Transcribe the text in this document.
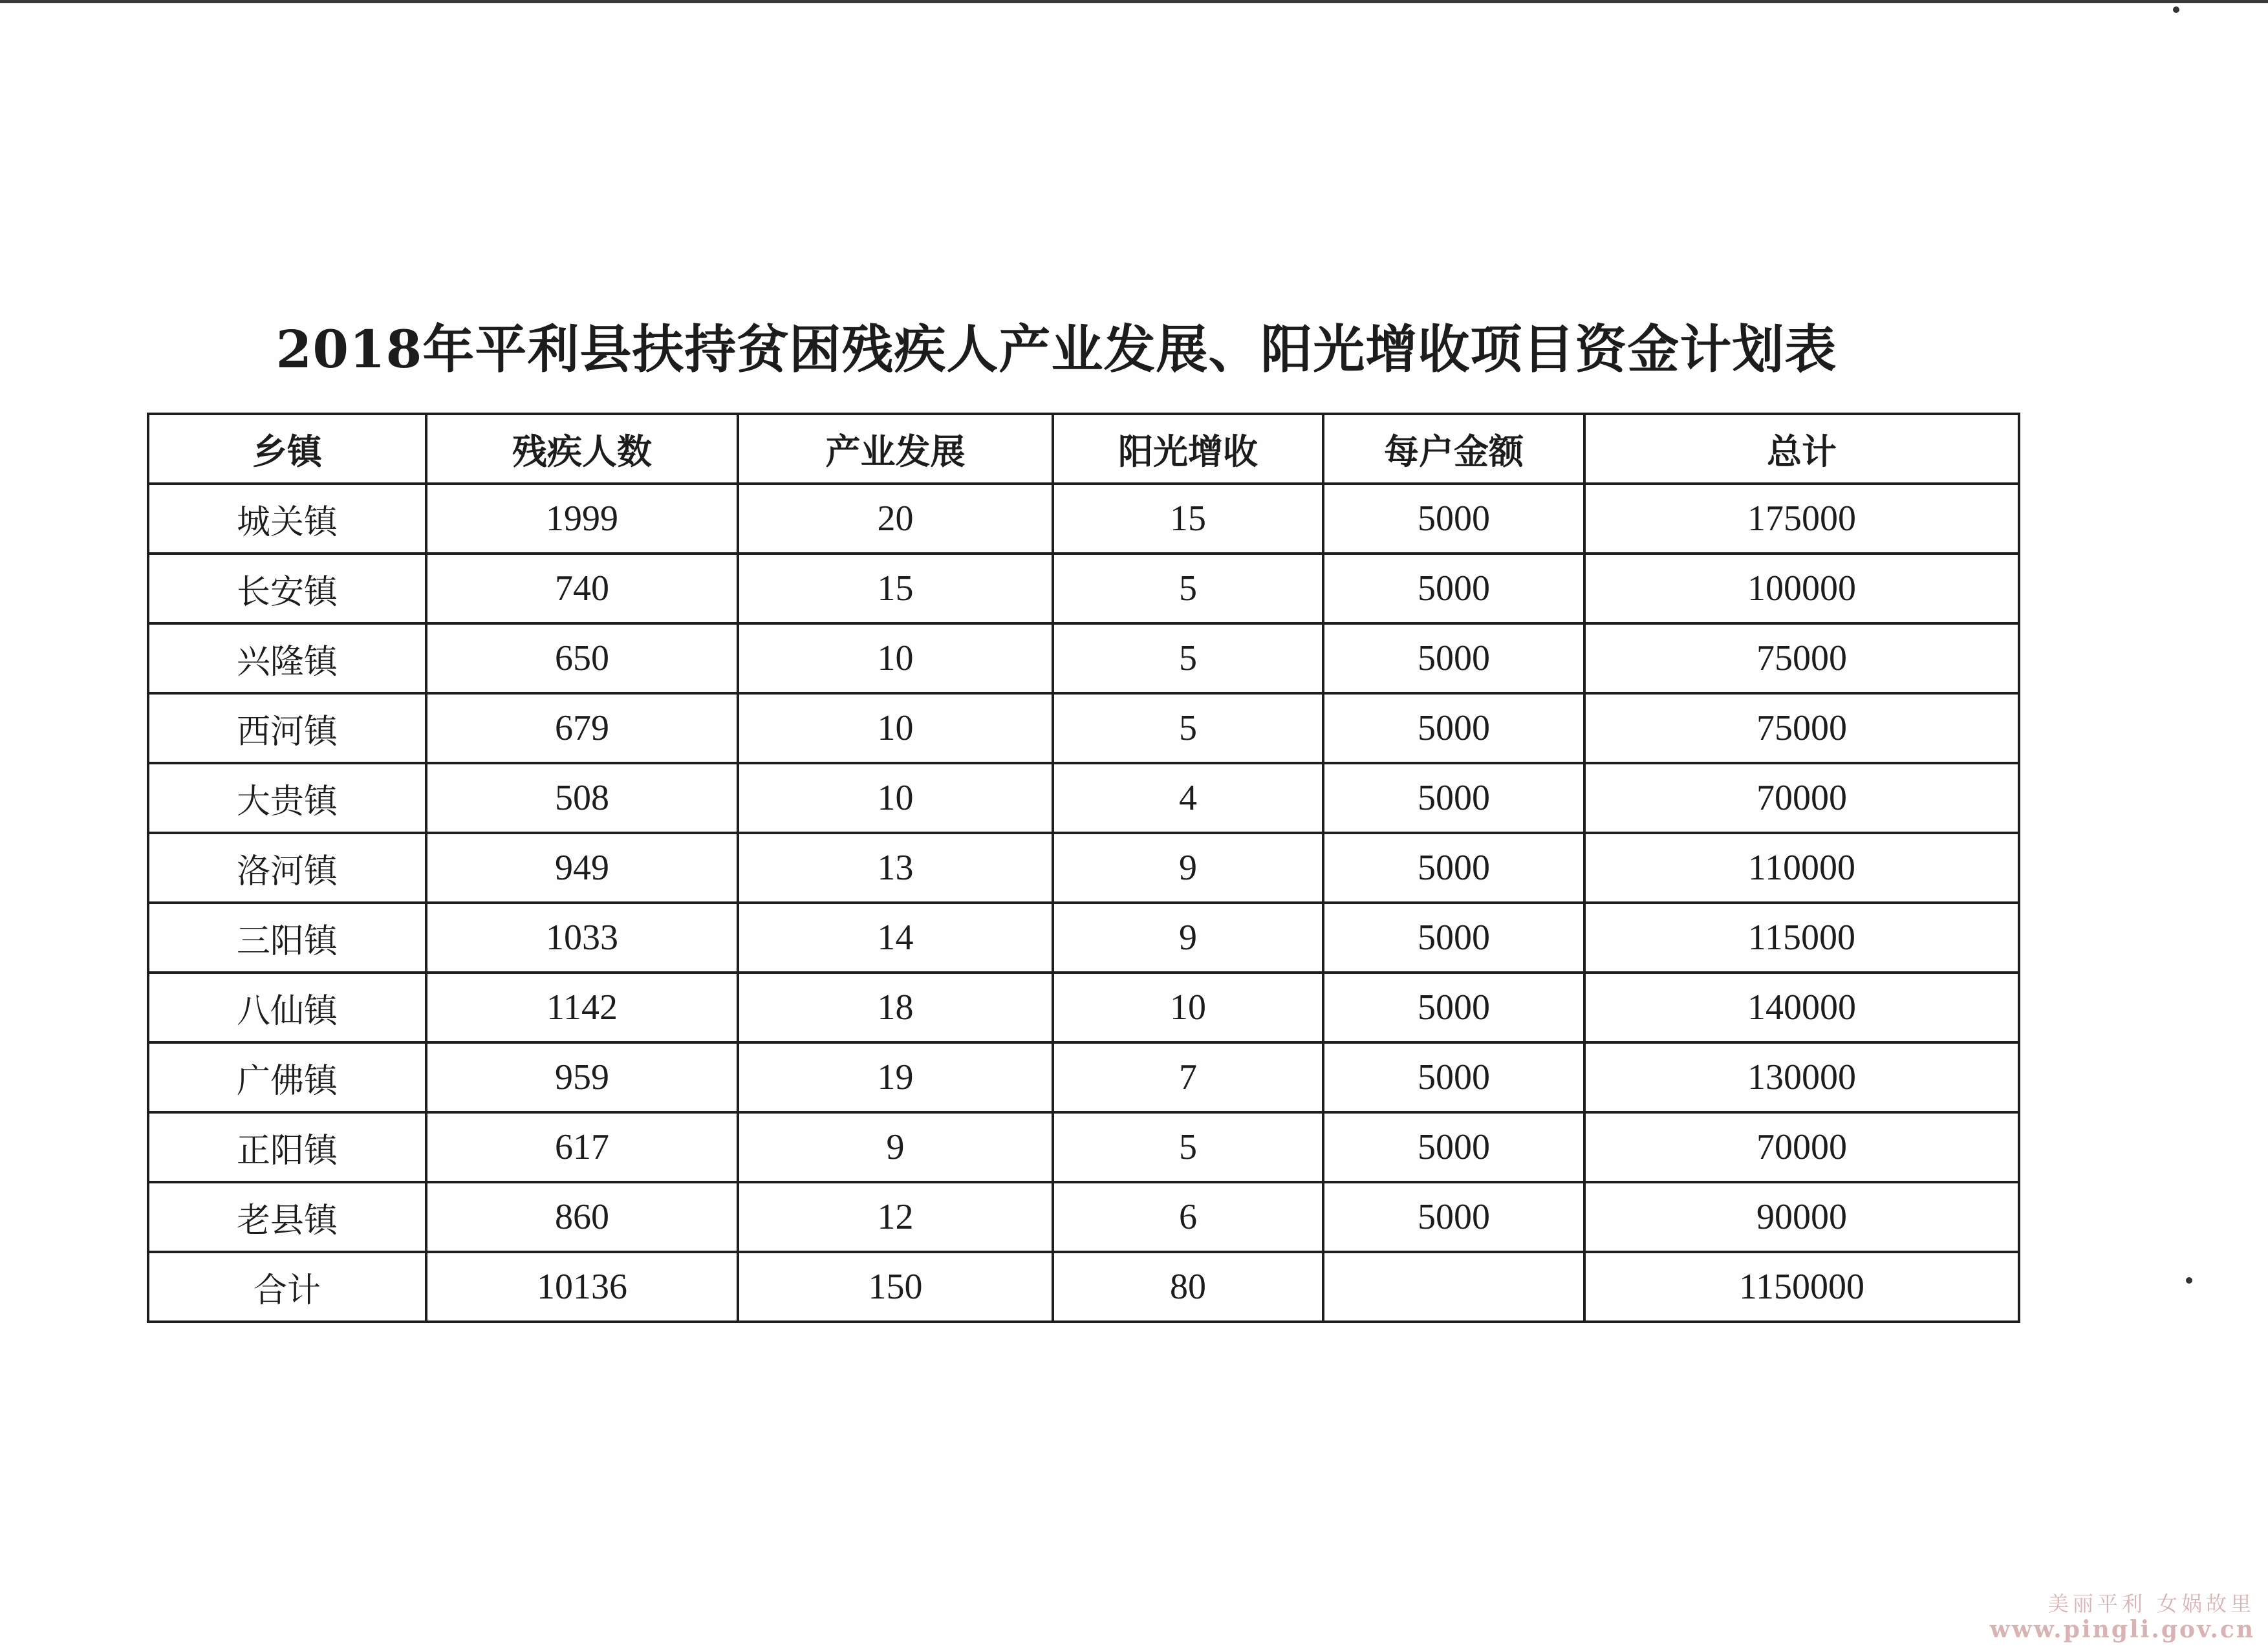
2018年平利县扶持贫困残疾人产业发展、阳光增收项目资金计划表
乡镇	残疾人数	产业发展	阳光增收	每户金额	总计
城关镇	1999	20	15	5000	175000
长安镇	740	15	5	5000	100000
兴隆镇	650	10	5	5000	75000
西河镇	679	10	5	5000	75000
大贵镇	508	10	4	5000	70000
洛河镇	949	13	9	5000	110000
三阳镇	1033	14	9	5000	115000
八仙镇	1142	18	10	5000	140000
广佛镇	959	19	7	5000	130000
正阳镇	617	9	5	5000	70000
老县镇	860	12	6	5000	90000
合计	10136	150	80		1150000
美丽平利 女娲故里
www.pingli.gov.cn
